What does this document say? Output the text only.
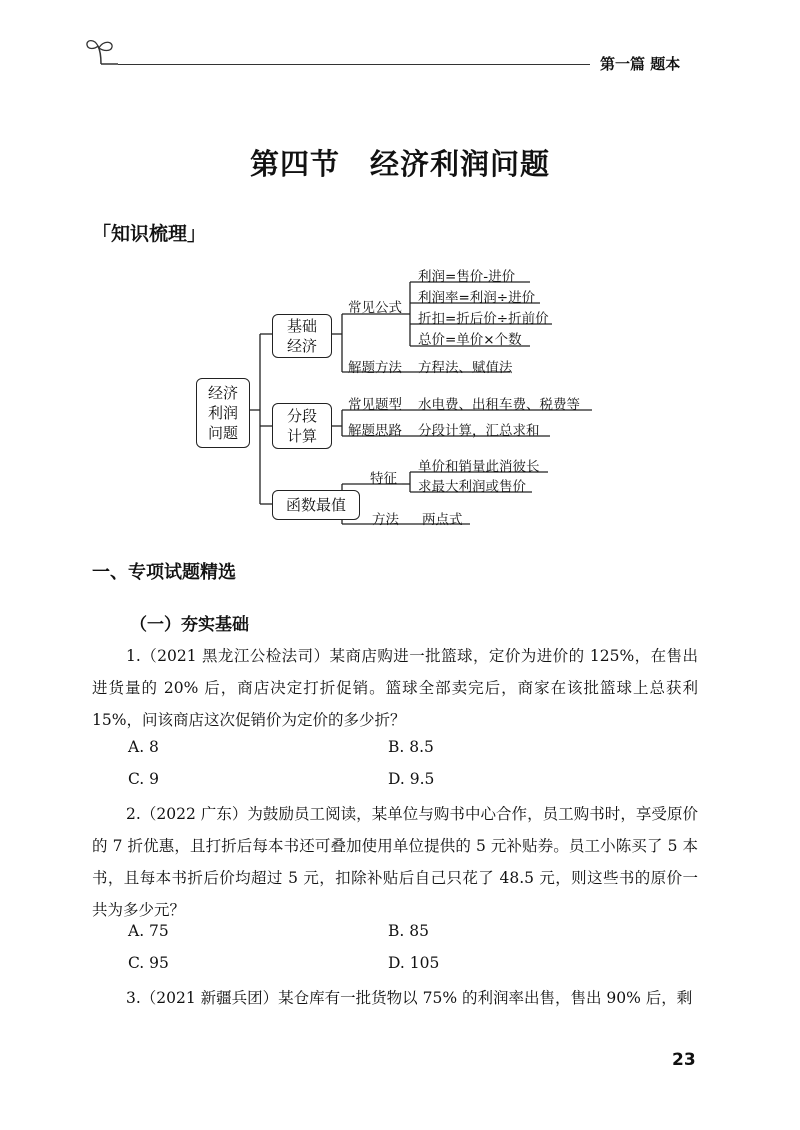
第一篇 题本
第四节　经济利润问题
「知识梳理」
经济利润问题
基础经济
分段计算
函数最值
常见公式
利润=售价-进价
利润率=利润÷进价
折扣=折后价÷折前价
总价=单价×个数
解题方法 方程法、赋值法
常见题型 水电费、出租车费、税费等
解题思路 分段计算，汇总求和
特征
单价和销量此消彼长
求最大利润或售价
方法 两点式
一、专项试题精选
（一）夯实基础
1.（2021 黑龙江公检法司）某商店购进一批篮球，定价为进价的 125%，在售出进货量的 20% 后，商店决定打折促销。篮球全部卖完后，商家在该批篮球上总获利 15%，问该商店这次促销价为定价的多少折？
A. 8	B. 8.5
C. 9	D. 9.5
2.（2022 广东）为鼓励员工阅读，某单位与购书中心合作，员工购书时，享受原价的 7 折优惠，且打折后每本书还可叠加使用单位提供的 5 元补贴券。员工小陈买了 5 本书，且每本书折后价均超过 5 元，扣除补贴后自己只花了 48.5 元，则这些书的原价一共为多少元？
A. 75	B. 85
C. 95	D. 105
3.（2021 新疆兵团）某仓库有一批货物以 75% 的利润率出售，售出 90% 后，剩
23
